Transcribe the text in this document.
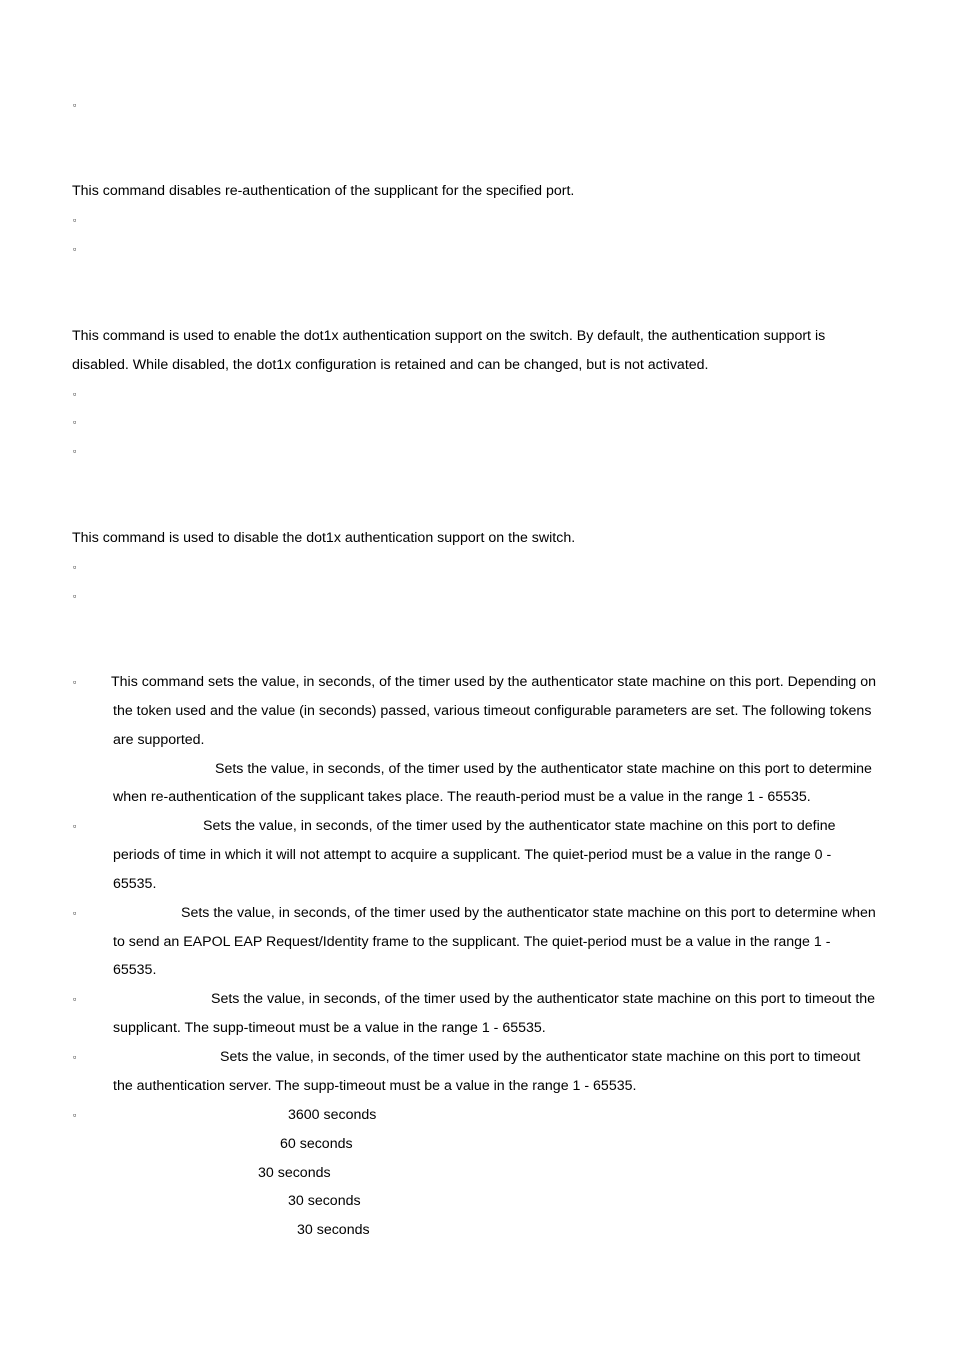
▫
This command disables re-authentication of the supplicant for the specified port.
▫
▫
This command is used to enable the dot1x authentication support on the switch. By default, the authentication support is
disabled. While disabled, the dot1x configuration is retained and can be changed, but is not activated.
▫
▫
▫
This command is used to disable the dot1x authentication support on the switch.
▫
▫
▫ This command sets the value, in seconds, of the timer used by the authenticator state machine on this port. Depending on
the token used and the value (in seconds) passed, various timeout configurable parameters are set. The following tokens
are supported.
Sets the value, in seconds, of the timer used by the authenticator state machine on this port to determine
when re-authentication of the supplicant takes place. The reauth-period must be a value in the range 1 - 65535.
▫	Sets the value, in seconds, of the timer used by the authenticator state machine on this port to define
periods of time in which it will not attempt to acquire a supplicant. The quiet-period must be a value in the range 0 -
65535.
▫	Sets the value, in seconds, of the timer used by the authenticator state machine on this port to determine when
to send an EAPOL EAP Request/Identity frame to the supplicant. The quiet-period must be a value in the range 1 -
65535.
▫	Sets the value, in seconds, of the timer used by the authenticator state machine on this port to timeout the
supplicant. The supp-timeout must be a value in the range 1 - 65535.
▫	Sets the value, in seconds, of the timer used by the authenticator state machine on this port to timeout
the authentication server. The supp-timeout must be a value in the range 1 - 65535.
▫	3600 seconds
60 seconds
30 seconds
30 seconds
30 seconds
